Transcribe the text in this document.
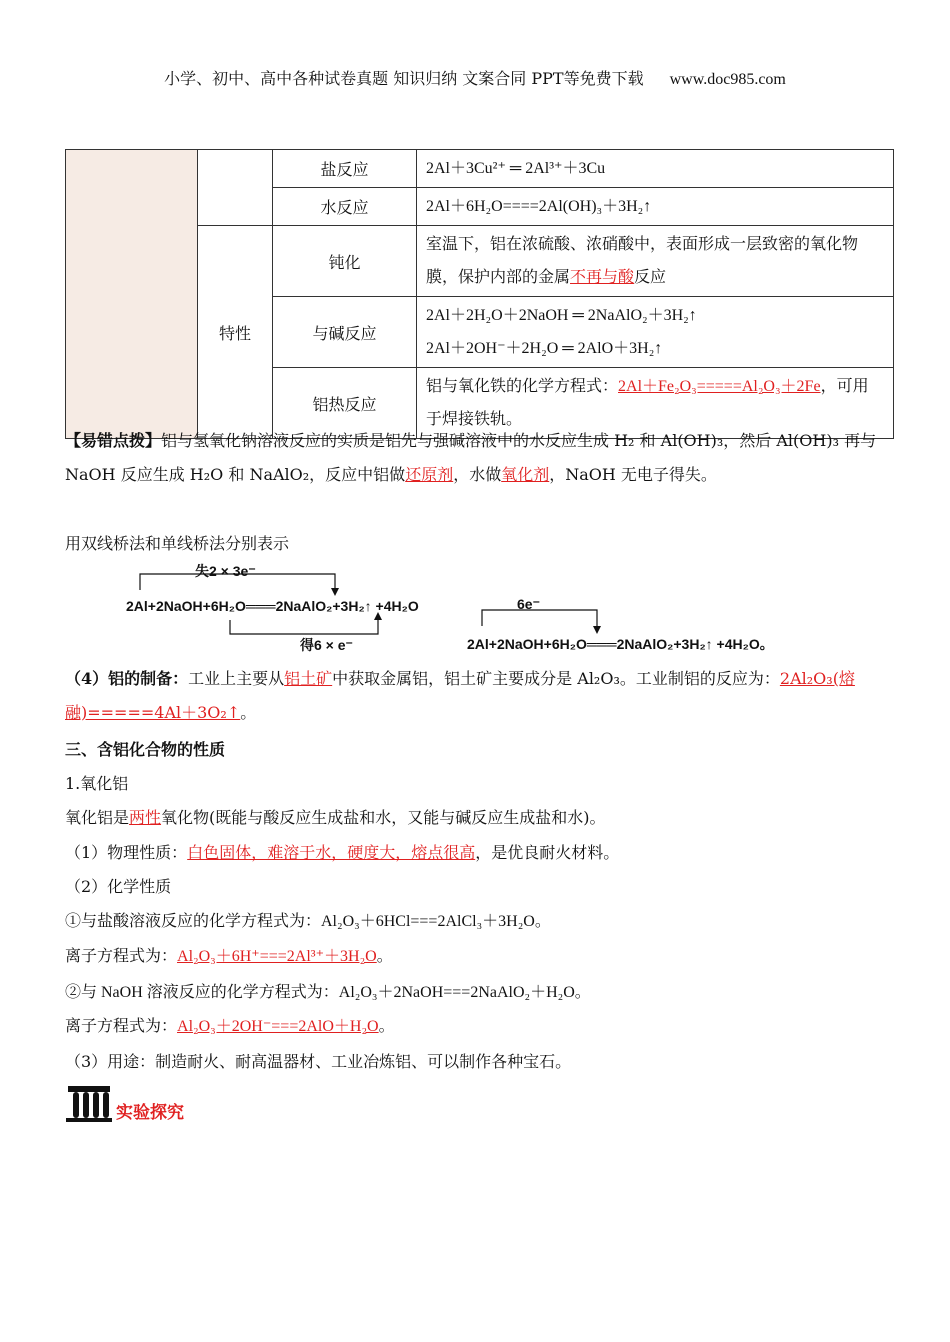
小学、初中、高中各种试卷真题 知识归纳 文案合同 PPT等免费下载 www.doc985.com
		盐反应	2Al＋3Cu²⁺ ═ 2Al³⁺＋3Cu
		水反应	2Al＋6H₂O====2Al(OH)₃＋3H₂↑
	特性	钝化	室温下，铝在浓硫酸、浓硝酸中，表面形成一层致密的氧化物膜，保护内部的金属不再与酸反应
		与碱反应	2Al＋2H₂O＋2NaOH ═ 2NaAlO₂＋3H₂↑
2Al＋2OH⁻＋2H₂O ═ 2AlO＋3H₂↑

		铝热反应	铝与氧化铁的化学方程式：2Al＋Fe₂O₃=====Al₂O₃＋2Fe，可用于焊接铁轨。
【易错点拨】铝与氢氧化钠溶液反应的实质是铝先与强碱溶液中的水反应生成 H₂ 和 Al(OH)₃，然后 Al(OH)₃ 再与 NaOH 反应生成 H₂O 和 NaAlO₂，反应中铝做还原剂，水做氧化剂，NaOH 无电子得失。
用双线桥法和单线桥法分别表示
失2 × 3e⁻
2Al+2NaOH+6H₂O═══2NaAlO₂+3H₂↑ +4H₂O
得6 × e⁻
6e⁻
2Al+2NaOH+6H₂O═══2NaAlO₂+3H₂↑ +4H₂O。
（4）铝的制备：工业上主要从铝土矿中获取金属铝，铝土矿主要成分是 Al₂O₃。工业制铝的反应为：2Al₂O₃(熔融)=====4Al＋3O₂↑。
三、含铝化合物的性质
1.氧化铝
氧化铝是两性氧化物(既能与酸反应生成盐和水，又能与碱反应生成盐和水)。
（1）物理性质：白色固体，难溶于水，硬度大，熔点很高，是优良耐火材料。
（2）化学性质
①与盐酸溶液反应的化学方程式为：Al₂O₃＋6HCl===2AlCl₃＋3H₂O。
离子方程式为：Al₂O₃＋6H⁺===2Al³⁺＋3H₂O。
②与 NaOH 溶液反应的化学方程式为：Al₂O₃＋2NaOH===2NaAlO₂＋H₂O。
离子方程式为：Al₂O₃＋2OH⁻===2AlO＋H₂O。
（3）用途：制造耐火、耐高温器材、工业冶炼铝、可以制作各种宝石。
实验探究
